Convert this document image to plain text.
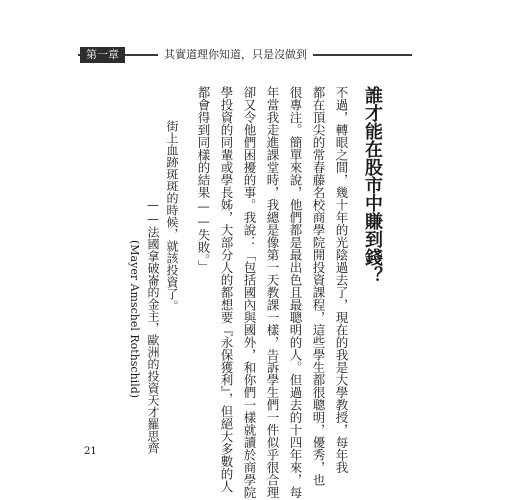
第一章	其實道理你知道，只是沒做到
誰才能在股市中賺到錢？
不過，轉眼之間，幾十年的光陰過去了，現在的我是大學教授，每年我
都在頂尖的常春藤名校商學院開投資課程，這些學生都很聰明，優秀，也
很專注。簡單來說，他們都是最出色且最聰明的人。但過去的十四年來，每
年當我走進課堂時，我總是像第一天教課一樣，告訴學生們一件似乎很合理
卻又令他們困擾的事。我說：「包括國內與國外，和你們一樣就讀於商學院
學投資的同輩或學長姊，大部分人的都想要『永保獲利』，但絕大多數的人
都會得到同樣的結果——失敗。」
街上血跡斑斑的時候，就該投資了。
——法國拿破崙的金主，歐洲的投資天才羅思齊
(Mayer Amschel Rothschild)
21
